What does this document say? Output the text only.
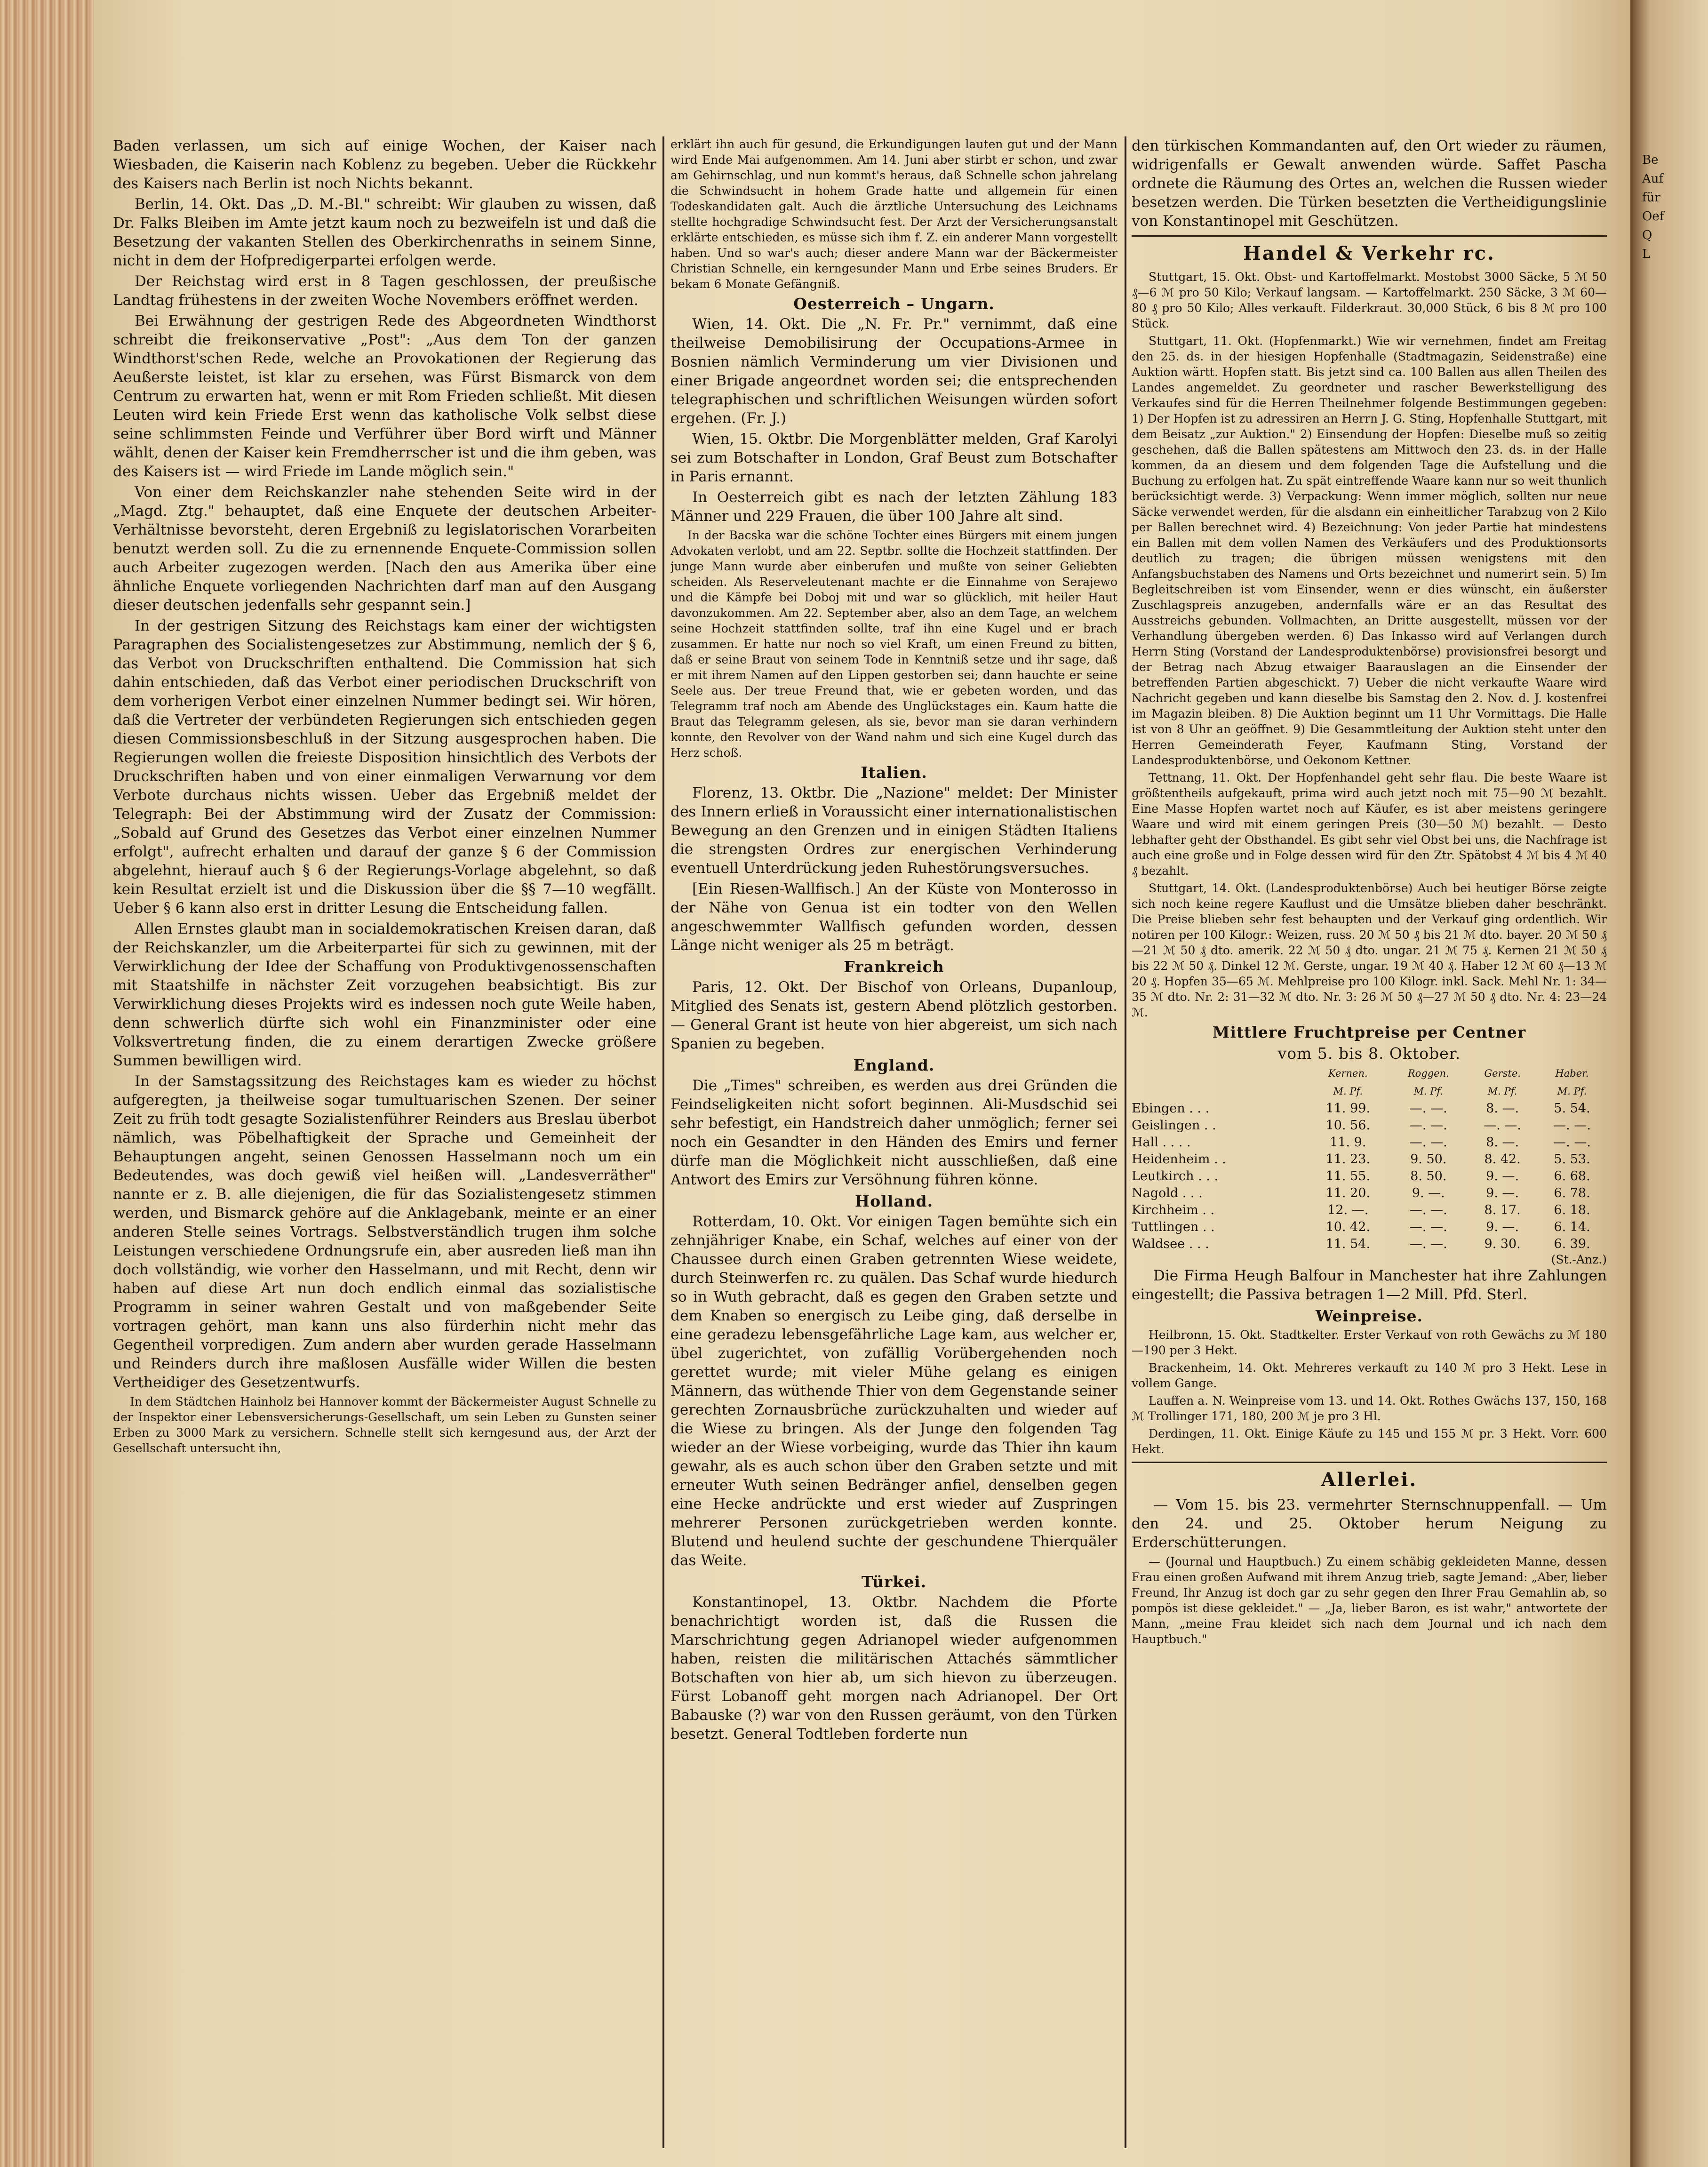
Baden verlassen, um sich auf einige Wochen, der Kaiser nach Wiesbaden, die Kaiserin nach Koblenz zu begeben. Ueber die Rückkehr des Kaisers nach Berlin ist noch Nichts bekannt.

Berlin, 14. Okt. Das „D. M.-Bl." schreibt: Wir glauben zu wissen, daß Dr. Falks Bleiben im Amte jetzt kaum noch zu bezweifeln ist und daß die Besetzung der vakanten Stellen des Oberkirchenraths in seinem Sinne, nicht in dem der Hofpredigerpartei erfolgen werde.

Der Reichstag wird erst in 8 Tagen geschlossen, der preußische Landtag frühestens in der zweiten Woche Novembers eröffnet werden.

Bei Erwähnung der gestrigen Rede des Abgeordneten Windthorst schreibt die freikonservative „Post": „Aus dem Ton der ganzen Windthorst'schen Rede, welche an Provokationen der Regierung das Aeußerste leistet, ist klar zu ersehen, was Fürst Bismarck von dem Centrum zu erwarten hat, wenn er mit Rom Frieden schließt. Mit diesen Leuten wird kein Friede Erst wenn das katholische Volk selbst diese seine schlimmsten Feinde und Verführer über Bord wirft und Männer wählt, denen der Kaiser kein Fremdherrscher ist und die ihm geben, was des Kaisers ist — wird Friede im Lande möglich sein."

Von einer dem Reichskanzler nahe stehenden Seite wird in der „Magd. Ztg." behauptet, daß eine Enquete der deutschen Arbeiter-Verhältnisse bevorsteht, deren Ergebniß zu legislatorischen Vorarbeiten benutzt werden soll. Zu die zu ernennende Enquete-Commission sollen auch Arbeiter zugezogen werden. [Nach den aus Amerika über eine ähnliche Enquete vorliegenden Nachrichten darf man auf den Ausgang dieser deutschen jedenfalls sehr gespannt sein.]

In der gestrigen Sitzung des Reichstags kam einer der wichtigsten Paragraphen des Socialistengesetzes zur Abstimmung, nemlich der § 6, das Verbot von Druckschriften enthaltend. Die Commission hat sich dahin entschieden, daß das Verbot einer periodischen Druckschrift von dem vorherigen Verbot einer einzelnen Nummer bedingt sei. Wir hören, daß die Vertreter der verbündeten Regierungen sich entschieden gegen diesen Commissionsbeschluß in der Sitzung ausgesprochen haben. Die Regierungen wollen die freieste Disposition hinsichtlich des Verbots der Druckschriften haben und von einer einmaligen Verwarnung vor dem Verbote durchaus nichts wissen. Ueber das Ergebniß meldet der Telegraph: Bei der Abstimmung wird der Zusatz der Commission: „Sobald auf Grund des Gesetzes das Verbot einer einzelnen Nummer erfolgt", aufrecht erhalten und darauf der ganze § 6 der Commission abgelehnt, hierauf auch § 6 der Regierungs-Vorlage abgelehnt, so daß kein Resultat erzielt ist und die Diskussion über die §§ 7—10 wegfällt. Ueber § 6 kann also erst in dritter Lesung die Entscheidung fallen.

Allen Ernstes glaubt man in socialdemokratischen Kreisen daran, daß der Reichskanzler, um die Arbeiterpartei für sich zu gewinnen, mit der Verwirklichung der Idee der Schaffung von Produktivgenossenschaften mit Staatshilfe in nächster Zeit vorzugehen beabsichtigt. Bis zur Verwirklichung dieses Projekts wird es indessen noch gute Weile haben, denn schwerlich dürfte sich wohl ein Finanzminister oder eine Volksvertretung finden, die zu einem derartigen Zwecke größere Summen bewilligen wird.

In der Samstagssitzung des Reichstages kam es wieder zu höchst aufgeregten, ja theilweise sogar tumultuarischen Szenen. Der seiner Zeit zu früh todt gesagte Sozialistenführer Reinders aus Breslau überbot nämlich, was Pöbelhaftigkeit der Sprache und Gemeinheit der Behauptungen angeht, seinen Genossen Hasselmann noch um ein Bedeutendes, was doch gewiß viel heißen will. „Landesverräther" nannte er z. B. alle diejenigen, die für das Sozialistengesetz stimmen werden, und Bismarck gehöre auf die Anklagebank, meinte er an einer anderen Stelle seines Vortrags. Selbstverständlich trugen ihm solche Leistungen verschiedene Ordnungsrufe ein, aber ausreden ließ man ihn doch vollständig, wie vorher den Hasselmann, und mit Recht, denn wir haben auf diese Art nun doch endlich einmal das sozialistische Programm in seiner wahren Gestalt und von maßgebender Seite vortragen gehört, man kann uns also fürderhin nicht mehr das Gegentheil vorpredigen. Zum andern aber wurden gerade Hasselmann und Reinders durch ihre maßlosen Ausfälle wider Willen die besten Vertheidiger des Gesetzentwurfs.

In dem Städtchen Hainholz bei Hannover kommt der Bäckermeister August Schnelle zu der Inspektor einer Lebensversicherungs-Gesellschaft, um sein Leben zu Gunsten seiner Erben zu 3000 Mark zu versichern. Schnelle stellt sich kerngesund aus, der Arzt der Gesellschaft untersucht ihn,

erklärt ihn auch für gesund, die Erkundigungen lauten gut und der Mann wird Ende Mai aufgenommen. Am 14. Juni aber stirbt er schon, und zwar am Gehirnschlag, und nun kommt's heraus, daß Schnelle schon jahrelang die Schwindsucht in hohem Grade hatte und allgemein für einen Todeskandidaten galt. Auch die ärztliche Untersuchung des Leichnams stellte hochgradige Schwindsucht fest. Der Arzt der Versicherungsanstalt erklärte entschieden, es müsse sich ihm f. Z. ein anderer Mann vorgestellt haben. Und so war's auch; dieser andere Mann war der Bäckermeister Christian Schnelle, ein kerngesunder Mann und Erbe seines Bruders. Er bekam 6 Monate Gefängniß.

Oesterreich – Ungarn.

Wien, 14. Okt. Die „N. Fr. Pr." vernimmt, daß eine theilweise Demobilisirung der Occupations-Armee in Bosnien nämlich Verminderung um vier Divisionen und einer Brigade angeordnet worden sei; die entsprechenden telegraphischen und schriftlichen Weisungen würden sofort ergehen. (Fr. J.)

Wien, 15. Oktbr. Die Morgenblätter melden, Graf Karolyi sei zum Botschafter in London, Graf Beust zum Botschafter in Paris ernannt.

In Oesterreich gibt es nach der letzten Zählung 183 Männer und 229 Frauen, die über 100 Jahre alt sind.

In der Bacska war die schöne Tochter eines Bürgers mit einem jungen Advokaten verlobt, und am 22. Septbr. sollte die Hochzeit stattfinden. Der junge Mann wurde aber einberufen und mußte von seiner Geliebten scheiden. Als Reserveleutenant machte er die Einnahme von Serajewo und die Kämpfe bei Doboj mit und war so glücklich, mit heiler Haut davonzukommen. Am 22. September aber, also an dem Tage, an welchem seine Hochzeit stattfinden sollte, traf ihn eine Kugel und er brach zusammen. Er hatte nur noch so viel Kraft, um einen Freund zu bitten, daß er seine Braut von seinem Tode in Kenntniß setze und ihr sage, daß er mit ihrem Namen auf den Lippen gestorben sei; dann hauchte er seine Seele aus. Der treue Freund that, wie er gebeten worden, und das Telegramm traf noch am Abende des Unglückstages ein. Kaum hatte die Braut das Telegramm gelesen, als sie, bevor man sie daran verhindern konnte, den Revolver von der Wand nahm und sich eine Kugel durch das Herz schoß.

Italien.

Florenz, 13. Oktbr. Die „Nazione" meldet: Der Minister des Innern erließ in Voraussicht einer internationalistischen Bewegung an den Grenzen und in einigen Städten Italiens die strengsten Ordres zur energischen Verhinderung eventuell Unterdrückung jeden Ruhestörungsversuches.

[Ein Riesen-Wallfisch.] An der Küste von Monterosso in der Nähe von Genua ist ein todter von den Wellen angeschwemmter Wallfisch gefunden worden, dessen Länge nicht weniger als 25 m beträgt.

Frankreich

Paris, 12. Okt. Der Bischof von Orleans, Dupanloup, Mitglied des Senats ist, gestern Abend plötzlich gestorben. — General Grant ist heute von hier abgereist, um sich nach Spanien zu begeben.

England.

Die „Times" schreiben, es werden aus drei Gründen die Feindseligkeiten nicht sofort beginnen. Ali-Musdschid sei sehr befestigt, ein Handstreich daher unmöglich; ferner sei noch ein Gesandter in den Händen des Emirs und ferner dürfe man die Möglichkeit nicht ausschließen, daß eine Antwort des Emirs zur Versöhnung führen könne.

Holland.

Rotterdam, 10. Okt. Vor einigen Tagen bemühte sich ein zehnjähriger Knabe, ein Schaf, welches auf einer von der Chaussee durch einen Graben getrennten Wiese weidete, durch Steinwerfen rc. zu quälen. Das Schaf wurde hiedurch so in Wuth gebracht, daß es gegen den Graben setzte und dem Knaben so energisch zu Leibe ging, daß derselbe in eine geradezu lebensgefährliche Lage kam, aus welcher er, übel zugerichtet, von zufällig Vorübergehenden noch gerettet wurde; mit vieler Mühe gelang es einigen Männern, das wüthende Thier von dem Gegenstande seiner gerechten Zornausbrüche zurückzuhalten und wieder auf die Wiese zu bringen. Als der Junge den folgenden Tag wieder an der Wiese vorbeiging, wurde das Thier ihn kaum gewahr, als es auch schon über den Graben setzte und mit erneuter Wuth seinen Bedränger anfiel, denselben gegen eine Hecke andrückte und erst wieder auf Zuspringen mehrerer Personen zurückgetrieben werden konnte. Blutend und heulend suchte der geschundene Thierquäler das Weite.

Türkei.

Konstantinopel, 13. Oktbr. Nachdem die Pforte benachrichtigt worden ist, daß die Russen die Marschrichtung gegen Adrianopel wieder aufgenommen haben, reisten die militärischen Attachés sämmtlicher Botschaften von hier ab, um sich hievon zu überzeugen. Fürst Lobanoff geht morgen nach Adrianopel. Der Ort Babauske (?) war von den Russen geräumt, von den Türken besetzt. General Todtleben forderte nun

den türkischen Kommandanten auf, den Ort wieder zu räumen, widrigenfalls er Gewalt anwenden würde. Saffet Pascha ordnete die Räumung des Ortes an, welchen die Russen wieder besetzen werden. Die Türken besetzten die Vertheidigungslinie von Konstantinopel mit Geschützen.

Handel & Verkehr rc.

Stuttgart, 15. Okt. Obst- und Kartoffelmarkt. Mostobst 3000 Säcke, 5 ℳ 50 ₰—6 ℳ pro 50 Kilo; Verkauf langsam. — Kartoffelmarkt. 250 Säcke, 3 ℳ 60—80 ₰ pro 50 Kilo; Alles verkauft. Filderkraut. 30,000 Stück, 6 bis 8 ℳ pro 100 Stück.

Stuttgart, 11. Okt. (Hopfenmarkt.) Wie wir vernehmen, findet am Freitag den 25. ds. in der hiesigen Hopfenhalle (Stadtmagazin, Seidenstraße) eine Auktion wärtt. Hopfen statt. Bis jetzt sind ca. 100 Ballen aus allen Theilen des Landes angemeldet. Zu geordneter und rascher Bewerkstelligung des Verkaufes sind für die Herren Theilnehmer folgende Bestimmungen gegeben: 1) Der Hopfen ist zu adressiren an Herrn J. G. Sting, Hopfenhalle Stuttgart, mit dem Beisatz „zur Auktion." 2) Einsendung der Hopfen: Dieselbe muß so zeitig geschehen, daß die Ballen spätestens am Mittwoch den 23. ds. in der Halle kommen, da an diesem und dem folgenden Tage die Aufstellung und die Buchung zu erfolgen hat. Zu spät eintreffende Waare kann nur so weit thunlich berücksichtigt werde. 3) Verpackung: Wenn immer möglich, sollten nur neue Säcke verwendet werden, für die alsdann ein einheitlicher Tarabzug von 2 Kilo per Ballen berechnet wird. 4) Bezeichnung: Von jeder Partie hat mindestens ein Ballen mit dem vollen Namen des Verkäufers und des Produktionsorts deutlich zu tragen; die übrigen müssen wenigstens mit den Anfangsbuchstaben des Namens und Orts bezeichnet und numerirt sein. 5) Im Begleitschreiben ist vom Einsender, wenn er dies wünscht, ein äußerster Zuschlagspreis anzugeben, andernfalls wäre er an das Resultat des Ausstreichs gebunden. Vollmachten, an Dritte ausgestellt, müssen vor der Verhandlung übergeben werden. 6) Das Inkasso wird auf Verlangen durch Herrn Sting (Vorstand der Landesproduktenbörse) provisionsfrei besorgt und der Betrag nach Abzug etwaiger Baarauslagen an die Einsender der betreffenden Partien abgeschickt. 7) Ueber die nicht verkaufte Waare wird Nachricht gegeben und kann dieselbe bis Samstag den 2. Nov. d. J. kostenfrei im Magazin bleiben. 8) Die Auktion beginnt um 11 Uhr Vormittags. Die Halle ist von 8 Uhr an geöffnet. 9) Die Gesammtleitung der Auktion steht unter den Herren Gemeinderath Feyer, Kaufmann Sting, Vorstand der Landesproduktenbörse, und Oekonom Kettner.

Tettnang, 11. Okt. Der Hopfenhandel geht sehr flau. Die beste Waare ist größtentheils aufgekauft, prima wird auch jetzt noch mit 75—90 ℳ bezahlt. Eine Masse Hopfen wartet noch auf Käufer, es ist aber meistens geringere Waare und wird mit einem geringen Preis (30—50 ℳ) bezahlt. — Desto lebhafter geht der Obsthandel. Es gibt sehr viel Obst bei uns, die Nachfrage ist auch eine große und in Folge dessen wird für den Ztr. Spätobst 4 ℳ bis 4 ℳ 40 ₰ bezahlt.

Stuttgart, 14. Okt. (Landesproduktenbörse) Auch bei heutiger Börse zeigte sich noch keine regere Kauflust und die Umsätze blieben daher beschränkt. Die Preise blieben sehr fest behaupten und der Verkauf ging ordentlich. Wir notiren per 100 Kilogr.: Weizen, russ. 20 ℳ 50 ₰ bis 21 ℳ dto. bayer. 20 ℳ 50 ₰—21 ℳ 50 ₰ dto. amerik. 22 ℳ 50 ₰ dto. ungar. 21 ℳ 75 ₰. Kernen 21 ℳ 50 ₰ bis 22 ℳ 50 ₰. Dinkel 12 ℳ. Gerste, ungar. 19 ℳ 40 ₰. Haber 12 ℳ 60 ₰—13 ℳ 20 ₰. Hopfen 35—65 ℳ. Mehlpreise pro 100 Kilogr. inkl. Sack. Mehl Nr. 1: 34—35 ℳ dto. Nr. 2: 31—32 ℳ dto. Nr. 3: 26 ℳ 50 ₰—27 ℳ 50 ₰ dto. Nr. 4: 23—24 ℳ.

Mittlere Fruchtpreise per Centner
vom 5. bis 8. Oktober.
	Kernen.	Roggen.	Gerste.	Haber.
	M. Pf.	M. Pf.	M. Pf.	M. Pf.
Ebingen . . .	11. 99.	—. —.	8. —.	5. 54.
Geislingen . .	10. 56.	—. —.	—. —.	—. —.
Hall . . . .	11. 9.	—. —.	8. —.	—. —.
Heidenheim . .	11. 23.	9. 50.	8. 42.	5. 53.
Leutkirch . . .	11. 55.	8. 50.	9. —.	6. 68.
Nagold . . .	11. 20.	9. —.	9. —.	6. 78.
Kirchheim . .	12. —.	—. —.	8. 17.	6. 18.
Tuttlingen . .	10. 42.	—. —.	9. —.	6. 14.
Waldsee . . .	11. 54.	—. —.	9. 30.	6. 39.
(St.-Anz.)

Die Firma Heugh Balfour in Manchester hat ihre Zahlungen eingestellt; die Passiva betragen 1—2 Mill. Pfd. Sterl.

Weinpreise.

Heilbronn, 15. Okt. Stadtkelter. Erster Verkauf von roth Gewächs zu ℳ 180—190 per 3 Hekt.

Brackenheim, 14. Okt. Mehreres verkauft zu 140 ℳ pro 3 Hekt. Lese in vollem Gange.

Lauffen a. N. Weinpreise vom 13. und 14. Okt. Rothes Gwächs 137, 150, 168 ℳ Trollinger 171, 180, 200 ℳ je pro 3 Hl.

Derdingen, 11. Okt. Einige Käufe zu 145 und 155 ℳ pr. 3 Hekt. Vorr. 600 Hekt.

Allerlei.

— Vom 15. bis 23. vermehrter Sternschnuppenfall. — Um den 24. und 25. Oktober herum Neigung zu Erderschütterungen.

— (Journal und Hauptbuch.) Zu einem schäbig gekleideten Manne, dessen Frau einen großen Aufwand mit ihrem Anzug trieb, sagte Jemand: „Aber, lieber Freund, Ihr Anzug ist doch gar zu sehr gegen den Ihrer Frau Gemahlin ab, so pompös ist diese gekleidet." — „Ja, lieber Baron, es ist wahr," antwortete der Mann, „meine Frau kleidet sich nach dem Journal und ich nach dem Hauptbuch."

Be
Auf
für
Oef
Q
L
